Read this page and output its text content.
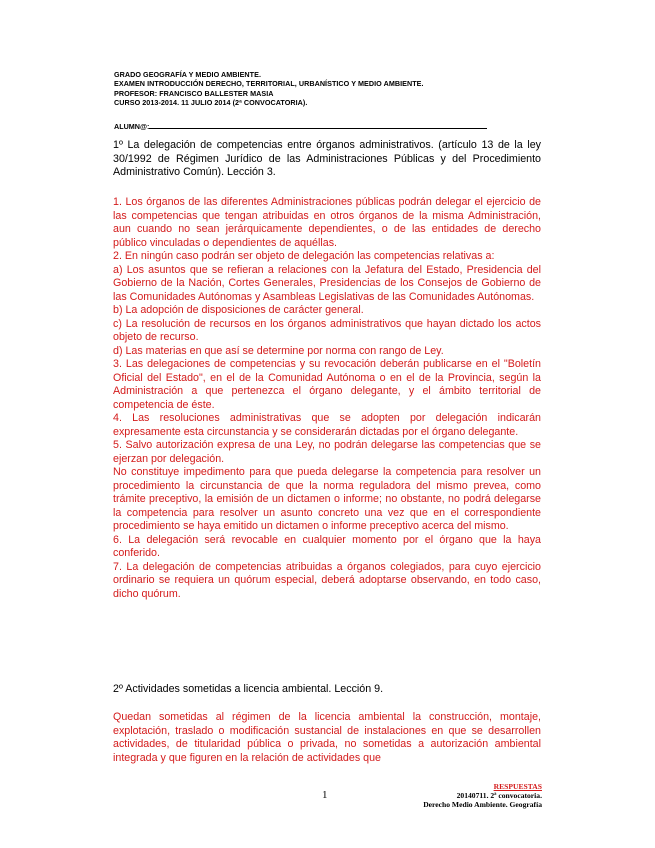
GRADO GEOGRAFÍA Y MEDIO AMBIENTE.
EXAMEN INTRODUCCIÓN DERECHO, TERRITORIAL, URBANÍSTICO Y MEDIO AMBIENTE.
PROFESOR: FRANCISCO BALLESTER MASIA
CURSO 2013-2014. 11 JULIO 2014 (2ª CONVOCATORIA).
ALUMN@:

1º La delegación de competencias entre órganos administrativos. (artículo 13 de la ley 30/1992 de Régimen Jurídico de las Administraciones Públicas y del Procedimiento Administrativo Común). Lección 3.

1. Los órganos de las diferentes Administraciones públicas podrán delegar el ejercicio de las competencias que tengan atribuidas en otros órganos de la misma Administración, aun cuando no sean jerárquicamente dependientes, o de las entidades de derecho público vinculadas o dependientes de aquéllas.

2. En ningún caso podrán ser objeto de delegación las competencias relativas a:

a) Los asuntos que se refieran a relaciones con la Jefatura del Estado, Presidencia del Gobierno de la Nación, Cortes Generales, Presidencias de los Consejos de Gobierno de las Comunidades Autónomas y Asambleas Legislativas de las Comunidades Autónomas.

b) La adopción de disposiciones de carácter general.

c) La resolución de recursos en los órganos administrativos que hayan dictado los actos objeto de recurso.

d) Las materias en que así se determine por norma con rango de Ley.

3. Las delegaciones de competencias y su revocación deberán publicarse en el "Boletín Oficial del Estado", en el de la Comunidad Autónoma o en el de la Provincia, según la Administración a que pertenezca el órgano delegante, y el ámbito territorial de competencia de éste.

4. Las resoluciones administrativas que se adopten por delegación indicarán expresamente esta circunstancia y se considerarán dictadas por el órgano delegante.

5. Salvo autorización expresa de una Ley, no podrán delegarse las competencias que se ejerzan por delegación.

No constituye impedimento para que pueda delegarse la competencia para resolver un procedimiento la circunstancia de que la norma reguladora del mismo prevea, como trámite preceptivo, la emisión de un dictamen o informe; no obstante, no podrá delegarse la competencia para resolver un asunto concreto una vez que en el correspondiente procedimiento se haya emitido un dictamen o informe preceptivo acerca del mismo.

6. La delegación será revocable en cualquier momento por el órgano que la haya conferido.

7. La delegación de competencias atribuidas a órganos colegiados, para cuyo ejercicio ordinario se requiera un quórum especial, deberá adoptarse observando, en todo caso, dicho quórum.

2º Actividades sometidas a licencia ambiental. Lección 9.

Quedan sometidas al régimen de la licencia ambiental la construcción, montaje, explotación, traslado o modificación sustancial de instalaciones en que se desarrollen actividades, de titularidad pública o privada, no sometidas a autorización ambiental integrada y que figuren en la relación de actividades que

1
RESPUESTAS
20140711. 2ª convocatoria.
Derecho Medio Ambiente. Geografía
